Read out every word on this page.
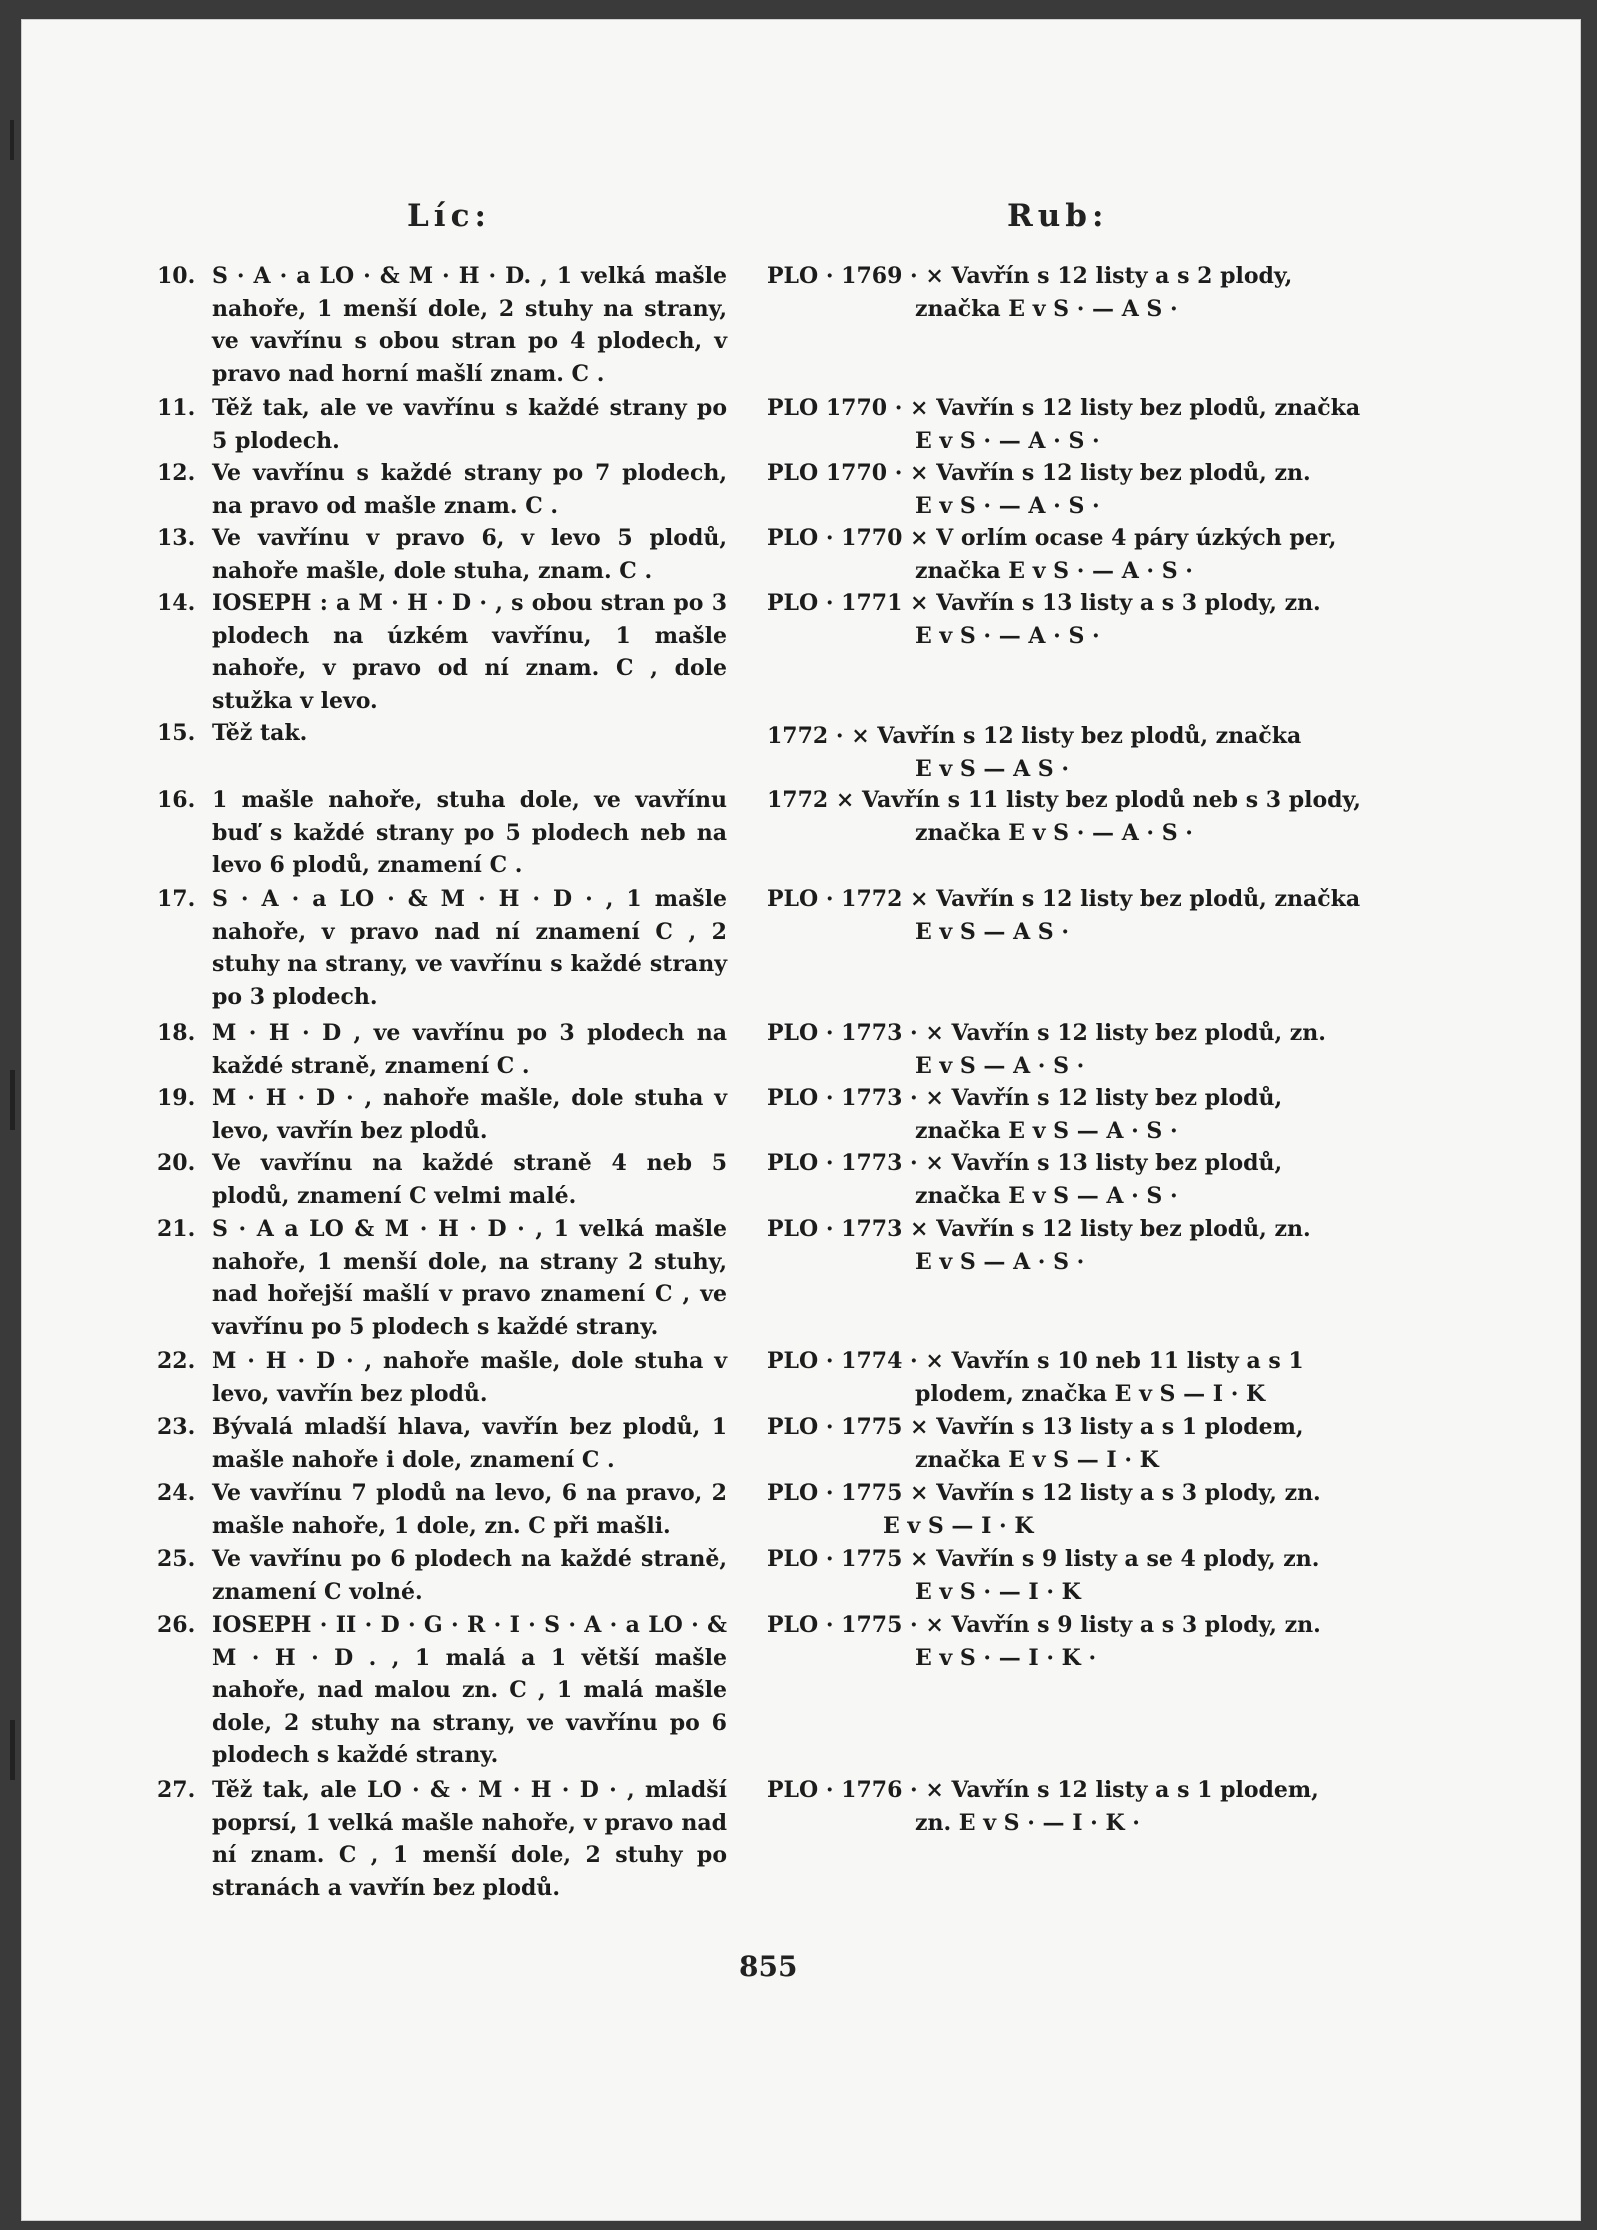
Líc:	Rub:
10. S · A · a LO · & M · H · D. , 1 velká mašle nahoře, 1 menší dole, 2 stuhy na strany, ve vavřínu s obou stran po 4 plodech, v pravo nad horní mašlí znam. C .
PLO · 1769 · × Vavřín s 12 listy a s 2 plody,
značka E v S · — A S ·
11. Těž tak, ale ve vavřínu s každé strany po 5 plodech.
PLO 1770 · × Vavřín s 12 listy bez plodů, značka
E v S · — A · S ·
12. Ve vavřínu s každé strany po 7 plodech, na pravo od mašle znam. C .
PLO 1770 · × Vavřín s 12 listy bez plodů, zn.
E v S · — A · S ·
13. Ve vavřínu v pravo 6, v levo 5 plodů, nahoře mašle, dole stuha, znam. C .
PLO · 1770 × V orlím ocase 4 páry úzkých per,
značka E v S · — A · S ·
14. IOSEPH : a M · H · D · , s obou stran po 3 plodech na úzkém vavřínu, 1 mašle nahoře, v pravo od ní znam. C , dole stužka v levo.
PLO · 1771 × Vavřín s 13 listy a s 3 plody, zn.
E v S · — A · S ·
15. Těž tak.	1772 · × Vavřín s 12 listy bez plodů, značka
E v S — A S ·
16. 1 mašle nahoře, stuha dole, ve vavřínu buď s každé strany po 5 plodech neb na levo 6 plodů, znamení C .
1772 × Vavřín s 11 listy bez plodů neb s 3 plody,
značka E v S · — A · S ·
17. S · A · a LO · & M · H · D · , 1 mašle nahoře, v pravo nad ní znamení C , 2 stuhy na strany, ve vavřínu s každé strany po 3 plodech.
PLO · 1772 × Vavřín s 12 listy bez plodů, značka
E v S — A S ·
18. M · H · D , ve vavřínu po 3 plodech na každé straně, znamení C .
PLO · 1773 · × Vavřín s 12 listy bez plodů, zn.
E v S — A · S ·
19. M · H · D · , nahoře mašle, dole stuha v levo, vavřín bez plodů.
PLO · 1773 · × Vavřín s 12 listy bez plodů,
značka E v S — A · S ·
20. Ve vavřínu na každé straně 4 neb 5 plodů, znamení C velmi malé.
PLO · 1773 · × Vavřín s 13 listy bez plodů,
značka E v S — A · S ·
21. S · A a LO & M · H · D · , 1 velká mašle nahoře, 1 menší dole, na strany 2 stuhy, nad hořejší mašlí v pravo znamení C , ve vavřínu po 5 plodech s každé strany.
PLO · 1773 × Vavřín s 12 listy bez plodů, zn.
E v S — A · S ·
22. M · H · D · , nahoře mašle, dole stuha v levo, vavřín bez plodů.
PLO · 1774 · × Vavřín s 10 neb 11 listy a s 1
plodem, značka E v S — I · K
23. Bývalá mladší hlava, vavřín bez plodů, 1 mašle nahoře i dole, znamení C .
PLO · 1775 × Vavřín s 13 listy a s 1 plodem,
značka E v S — I · K
24. Ve vavřínu 7 plodů na levo, 6 na pravo, 2 mašle nahoře, 1 dole, zn. C při mašli.
PLO · 1775 × Vavřín s 12 listy a s 3 plody, zn.
E v S — I · K
25. Ve vavřínu po 6 plodech na každé straně, znamení C volné.
PLO · 1775 × Vavřín s 9 listy a se 4 plody, zn.
E v S · — I · K
26. IOSEPH · II · D · G · R · I · S · A · a LO · & M · H · D . , 1 malá a 1 větší mašle nahoře, nad malou zn. C , 1 malá mašle dole, 2 stuhy na strany, ve vavřínu po 6 plodech s každé strany.
PLO · 1775 · × Vavřín s 9 listy a s 3 plody, zn.
E v S · — I · K ·
27. Těž tak, ale LO · & · M · H · D · , mladší poprsí, 1 velká mašle nahoře, v pravo nad ní znam. C , 1 menší dole, 2 stuhy po stranách a vavřín bez plodů.
PLO · 1776 · × Vavřín s 12 listy a s 1 plodem,
zn. E v S · — I · K ·
855
